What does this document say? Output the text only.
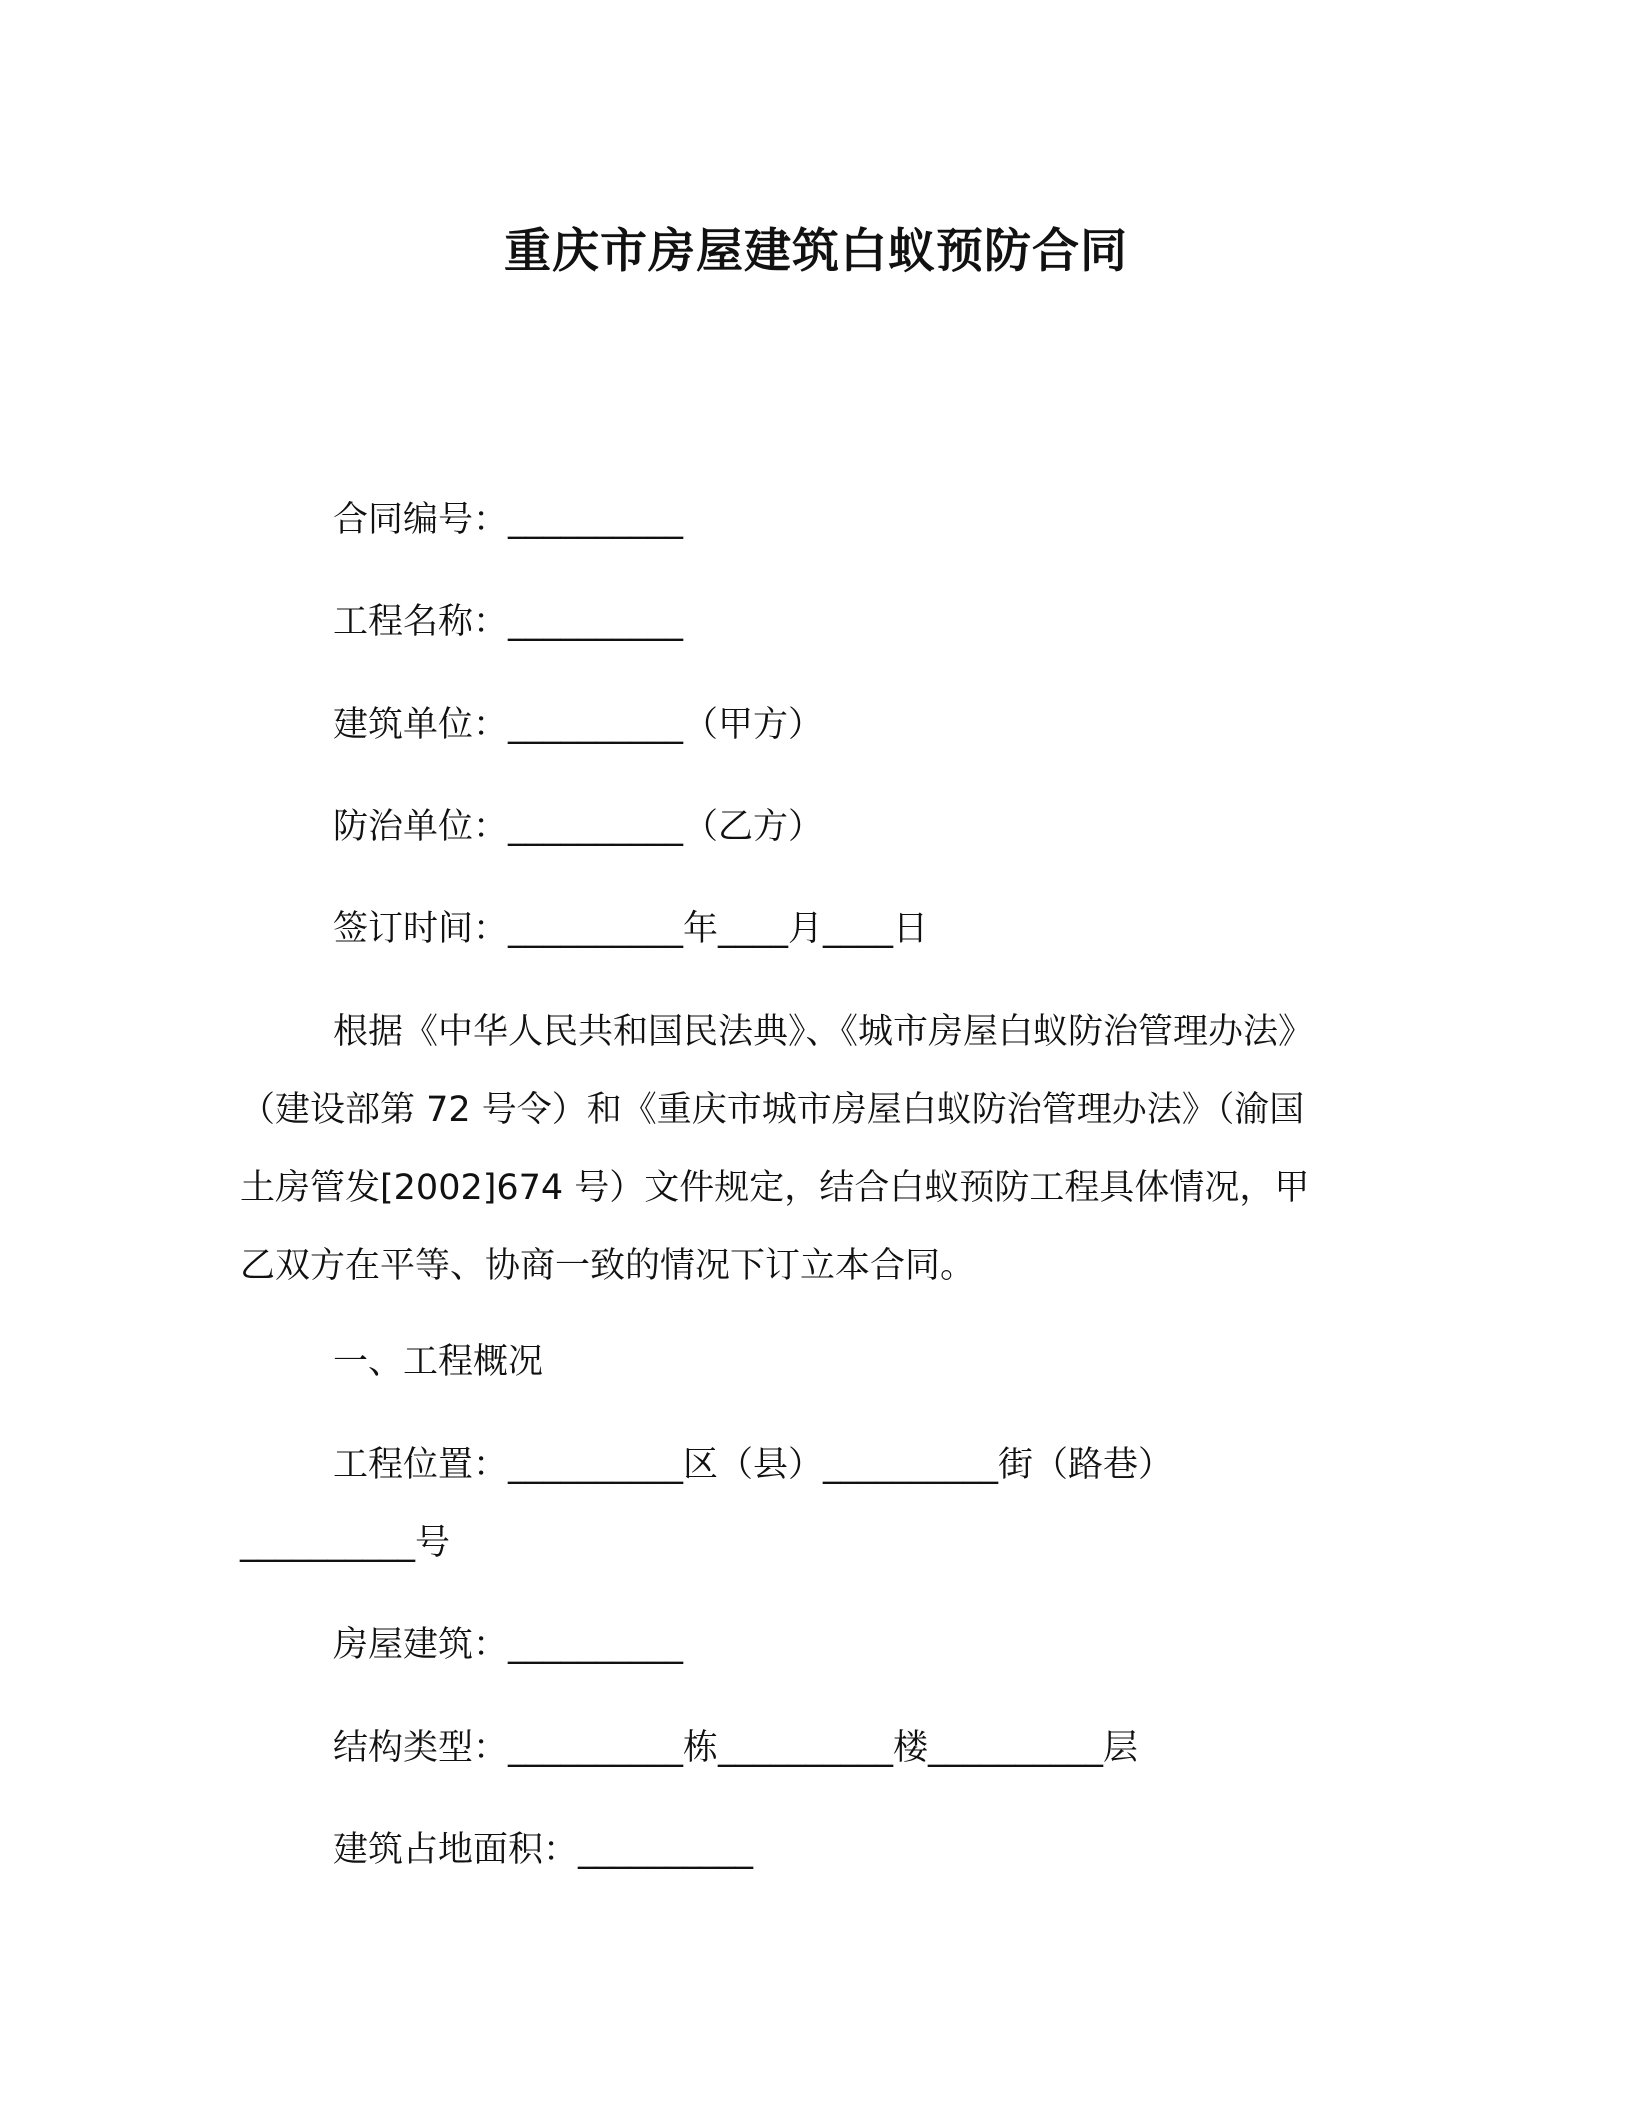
重庆市房屋建筑白蚁预防合同
合同编号：__________
工程名称：__________
建筑单位：__________（甲方）
防治单位：__________（乙方）
签订时间：__________年____月____日
根据《中华人民共和国民法典》、《城市房屋白蚁防治管理办法》
（建设部第 72 号令）和《重庆市城市房屋白蚁防治管理办法》（渝国
土房管发[2002]674 号）文件规定，结合白蚁预防工程具体情况，甲
乙双方在平等、协商一致的情况下订立本合同。
一、工程概况
工程位置：__________区（县）__________街（路巷）
__________号
房屋建筑：__________
结构类型：__________栋__________楼__________层
建筑占地面积：__________
